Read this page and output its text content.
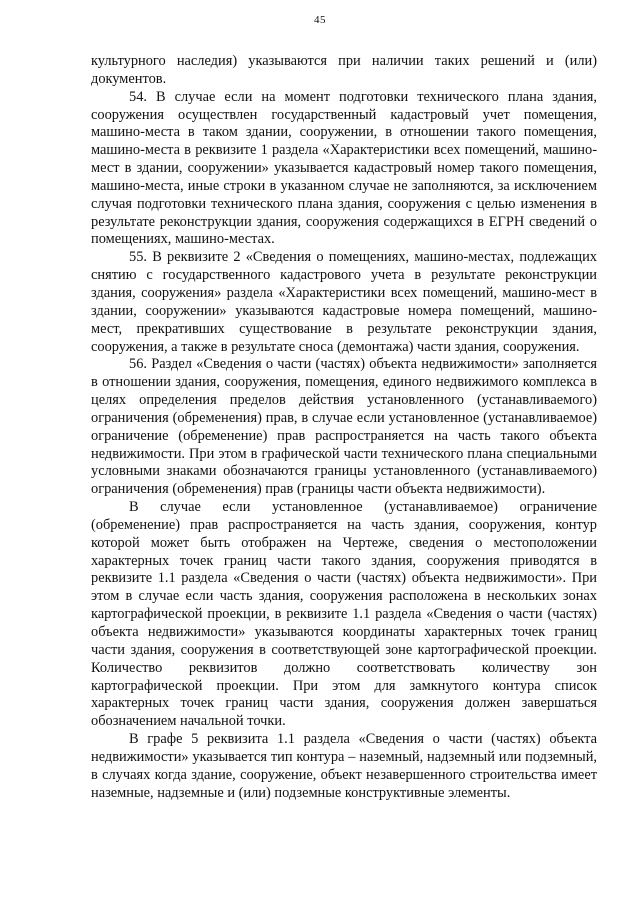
45

культурного наследия) указываются при наличии таких решений и (или) документов.

54. В случае если на момент подготовки технического плана здания, сооружения осуществлен государственный кадастровый учет помещения, машино-места в таком здании, сооружении, в отношении такого помещения, машино-места в реквизите 1 раздела «Характеристики всех помещений, машино-мест в здании, сооружении» указывается кадастровый номер такого помещения, машино-места, иные строки в указанном случае не заполняются, за исключением случая подготовки технического плана здания, сооружения с целью изменения в результате реконструкции здания, сооружения содержащихся в ЕГРН сведений о помещениях, машино-местах.

55. В реквизите 2 «Сведения о помещениях, машино-местах, подлежащих снятию с государственного кадастрового учета в результате реконструкции здания, сооружения» раздела «Характеристики всех помещений, машино-мест в здании, сооружении» указываются кадастровые номера помещений, машино-мест, прекративших существование в результате реконструкции здания, сооружения, а также в результате сноса (демонтажа) части здания, сооружения.

56. Раздел «Сведения о части (частях) объекта недвижимости» заполняется в отношении здания, сооружения, помещения, единого недвижимого комплекса в целях определения пределов действия установленного (устанавливаемого) ограничения (обременения) прав, в случае если установленное (устанавливаемое) ограничение (обременение) прав распространяется на часть такого объекта недвижимости. При этом в графической части технического плана специальными условными знаками обозначаются границы установленного (устанавливаемого) ограничения (обременения) прав (границы части объекта недвижимости).

В случае если установленное (устанавливаемое) ограничение (обременение) прав распространяется на часть здания, сооружения, контур которой может быть отображен на Чертеже, сведения о местоположении характерных точек границ части такого здания, сооружения приводятся в реквизите 1.1 раздела «Сведения о части (частях) объекта недвижимости». При этом в случае если часть здания, сооружения расположена в нескольких зонах картографической проекции, в реквизите 1.1 раздела «Сведения о части (частях) объекта недвижимости» указываются координаты характерных точек границ части здания, сооружения в соответствующей зоне картографической проекции. Количество реквизитов должно соответствовать количеству зон картографической проекции. При этом для замкнутого контура список характерных точек границ части здания, сооружения должен завершаться обозначением начальной точки.

В графе 5 реквизита 1.1 раздела «Сведения о части (частях) объекта недвижимости» указывается тип контура – наземный, надземный или подземный, в случаях когда здание, сооружение, объект незавершенного строительства имеет наземные, надземные и (или) подземные конструктивные элементы.
